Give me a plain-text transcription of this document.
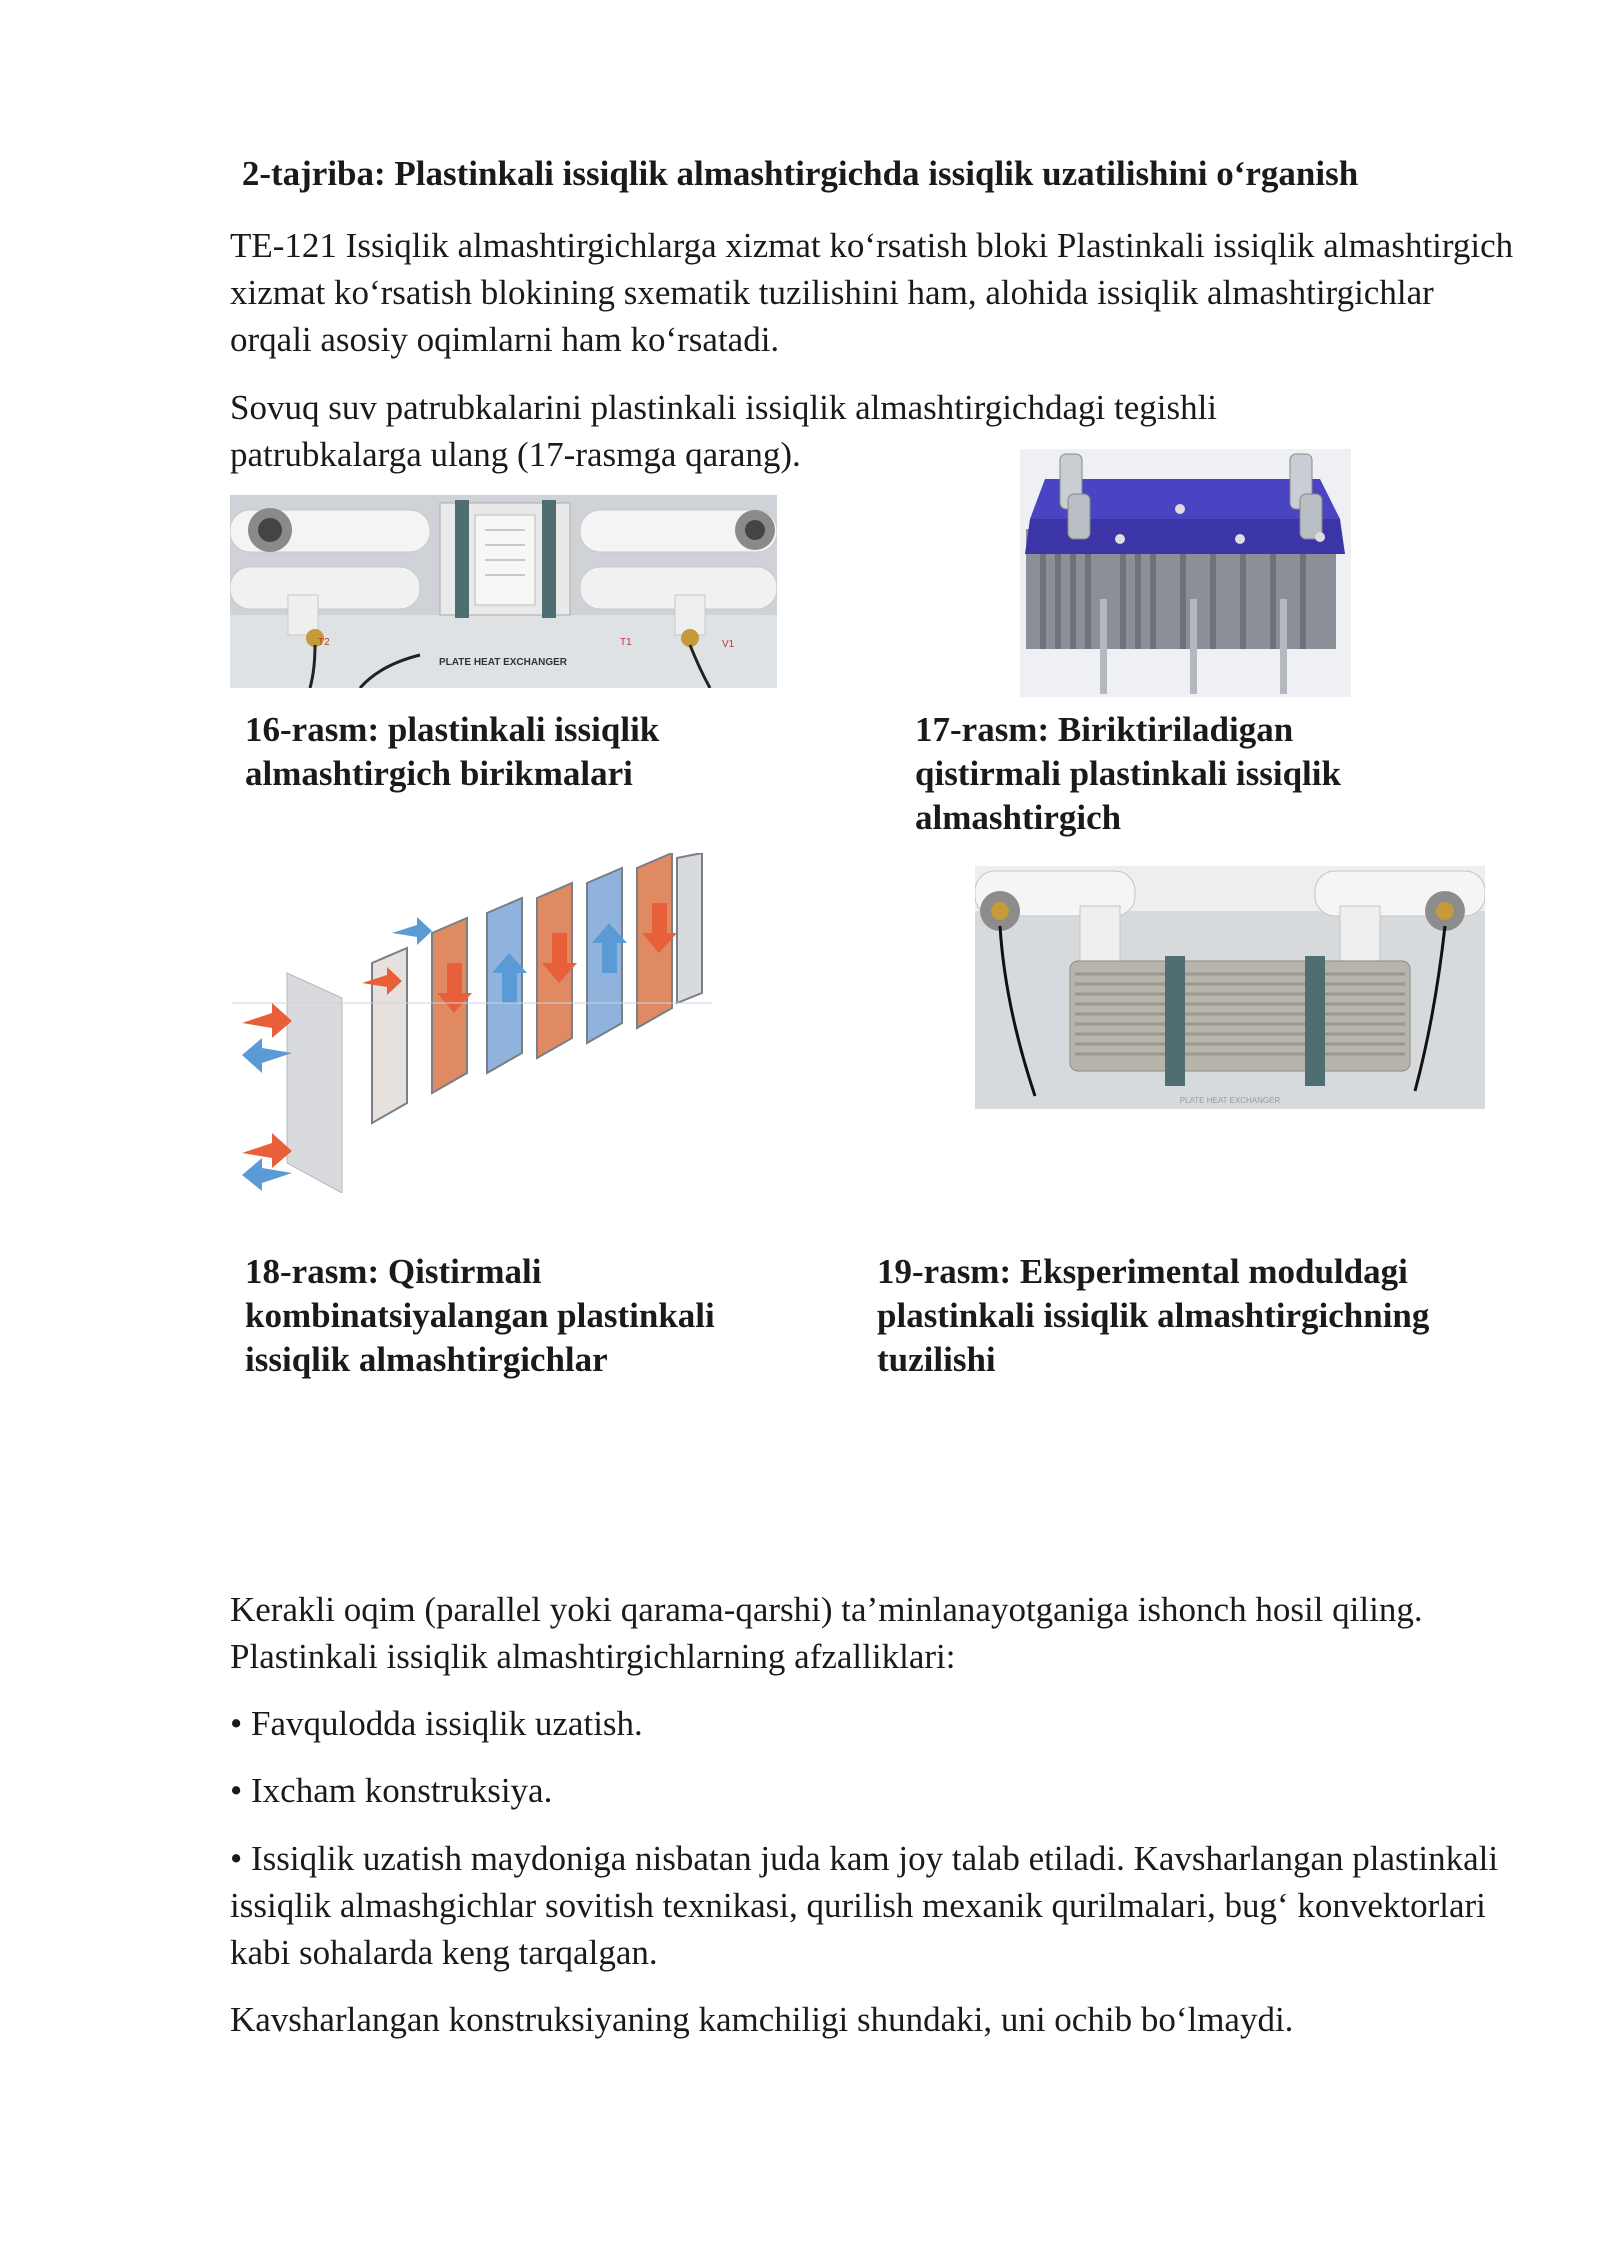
2-tajriba: Plastinkali issiqlik almashtirgichda issiqlik uzatilishini o‘rganish

TE-121 Issiqlik almashtirgichlarga xizmat ko‘rsatish bloki Plastinkali issiqlik almashtirgich xizmat ko‘rsatish blokining sxematik tuzilishini ham, alohida issiqlik almashtirgichlar orqali asosiy oqimlarni ham ko‘rsatadi.

Sovuq suv patrubkalarini plastinkali issiqlik almashtirgichdagi tegishli patrubkalarga ulang (17-rasmga qarang).

T2	T1	V1
PLATE HEAT EXCHANGER

16-rasm: plastinkali issiqlik almashtirgich birikmalari

17-rasm: Biriktiriladigan qistirmali plastinkali issiqlik almashtirgich

PLATE HEAT EXCHANGER

18-rasm: Qistirmali kombinatsiyalangan plastinkali issiqlik almashtirgichlar

19-rasm: Eksperimental moduldagi plastinkali issiqlik almashtirgichning tuzilishi

Kerakli oqim (parallel yoki qarama-qarshi) ta’minlanayotganiga ishonch hosil qiling. Plastinkali issiqlik almashtirgichlarning afzalliklari:

• Favqulodda issiqlik uzatish.

• Ixcham konstruksiya.

• Issiqlik uzatish maydoniga nisbatan juda kam joy talab etiladi. Kavsharlangan plastinkali issiqlik almashgichlar sovitish texnikasi, qurilish mexanik qurilmalari, bug‘ konvektorlari kabi sohalarda keng tarqalgan.

Kavsharlangan konstruksiyaning kamchiligi shundaki, uni ochib bo‘lmaydi.
